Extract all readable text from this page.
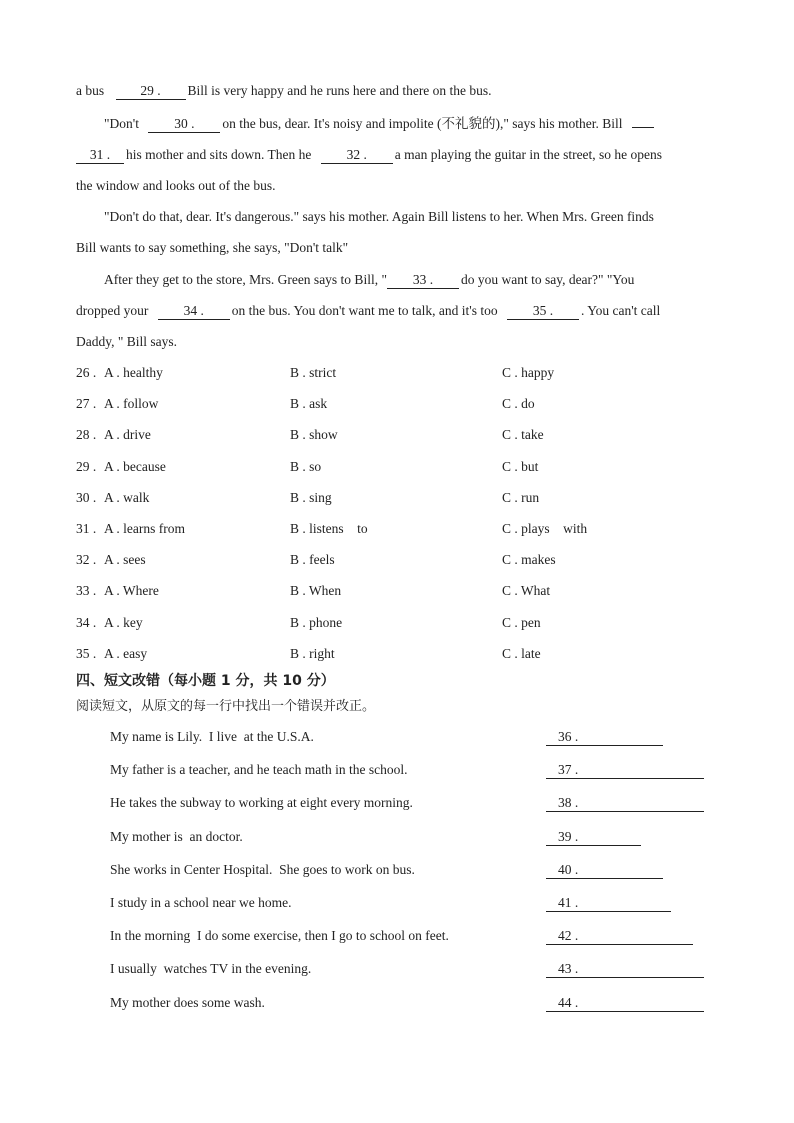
a bus	29 . Bill is very happy and he runs here and there on the bus.
"Don't	30 . on the bus, dear. It's noisy and impolite (不礼貌的)," says his mother. Bill
31 . his mother and sits down. Then he	32 . a man playing the guitar in the street, so he opens
the window and looks out of the bus.
"Don't do that, dear. It's dangerous." says his mother. Again Bill listens to her. When Mrs. Green finds
Bill wants to say something, she says, "Don't talk"
After they get to the store, Mrs. Green says to Bill, " 33 . do you want to say, dear?" "You
dropped your	34 . on the bus. You don't want me to talk, and it's too	35 . . You can't call
Daddy, " Bill says.
26 . A . healthy	B . strict	C . happy
27 . A . follow	B . ask	C . do
28 . A . drive	B . show	C . take
29 . A . because	B . so	C . but
30 . A . walk	B . sing	C . run
31 . A . learns from	B . listens    to	C . plays    with
32 . A . sees	B . feels	C . makes
33 . A . Where	B . When	C . What
34 . A . key	B . phone	C . pen
35 . A . easy	B . right	C . late
四、短文改错（每小题 1 分，共 10 分）
阅读短文，从原文的每一行中找出一个错误并改正。
My name is Lily.  I live  at the U.S.A.	36 .
My father is a teacher, and he teach math in the school.	37 .
He takes the subway to working at eight every morning.	38 .
My mother is  an doctor.	39 .
She works in Center Hospital.  She goes to work on bus.	40 .
I study in a school near we home.	41 .
In the morning  I do some exercise, then I go to school on feet.	42 .
I usually  watches TV in the evening.	43 .
My mother does some wash.	44 .
